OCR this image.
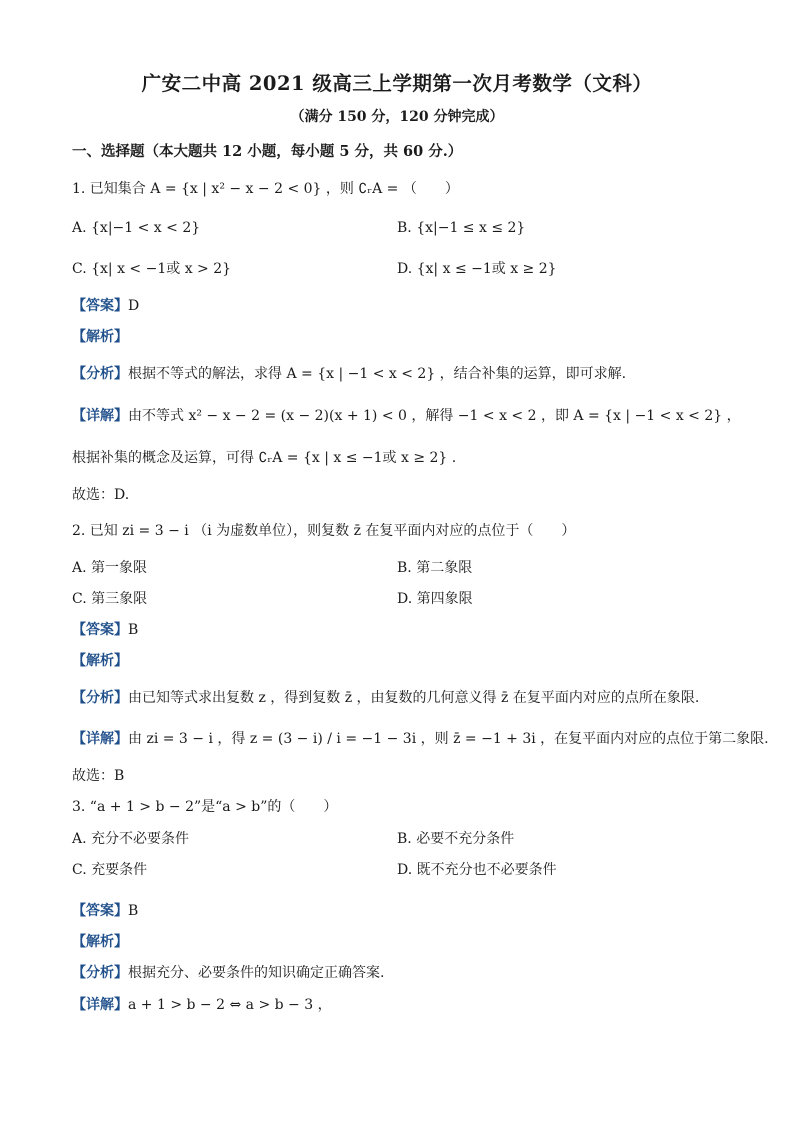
广安二中高 2021 级高三上学期第一次月考数学（文科）
（满分 150 分，120 分钟完成）
一、选择题（本大题共 12 小题，每小题 5 分，共 60 分.）
1. 已知集合 A = {x | x² − x − 2 < 0} ，则 ∁ᵣA = （　　）
A. {x|−1 < x < 2}	B. {x|−1 ≤ x ≤ 2}
C. {x| x < −1或 x > 2}	D. {x| x ≤ −1或 x ≥ 2}
【答案】D
【解析】
【分析】根据不等式的解法，求得 A = {x | −1 < x < 2} ，结合补集的运算，即可求解.
【详解】由不等式 x² − x − 2 = (x − 2)(x + 1) < 0 ，解得 −1 < x < 2 ，即 A = {x | −1 < x < 2} ，
根据补集的概念及运算，可得 ∁ᵣA = {x | x ≤ −1或 x ≥ 2} .
故选：D.
2. 已知 zi = 3 − i （i 为虚数单位），则复数 z̄ 在复平面内对应的点位于（　　）
A. 第一象限	B. 第二象限
C. 第三象限	D. 第四象限
【答案】B
【解析】
【分析】由已知等式求出复数 z ，得到复数 z̄ ，由复数的几何意义得 z̄ 在复平面内对应的点所在象限.
【详解】由 zi = 3 − i ，得 z = (3 − i) / i = −1 − 3i ，则 z̄ = −1 + 3i ，在复平面内对应的点位于第二象限.
故选：B
3. “a + 1 > b − 2”是“a > b”的（　　）
A. 充分不必要条件	B. 必要不充分条件
C. 充要条件	D. 既不充分也不必要条件
【答案】B
【解析】
【分析】根据充分、必要条件的知识确定正确答案.
【详解】a + 1 > b − 2 ⇔ a > b − 3 ，
